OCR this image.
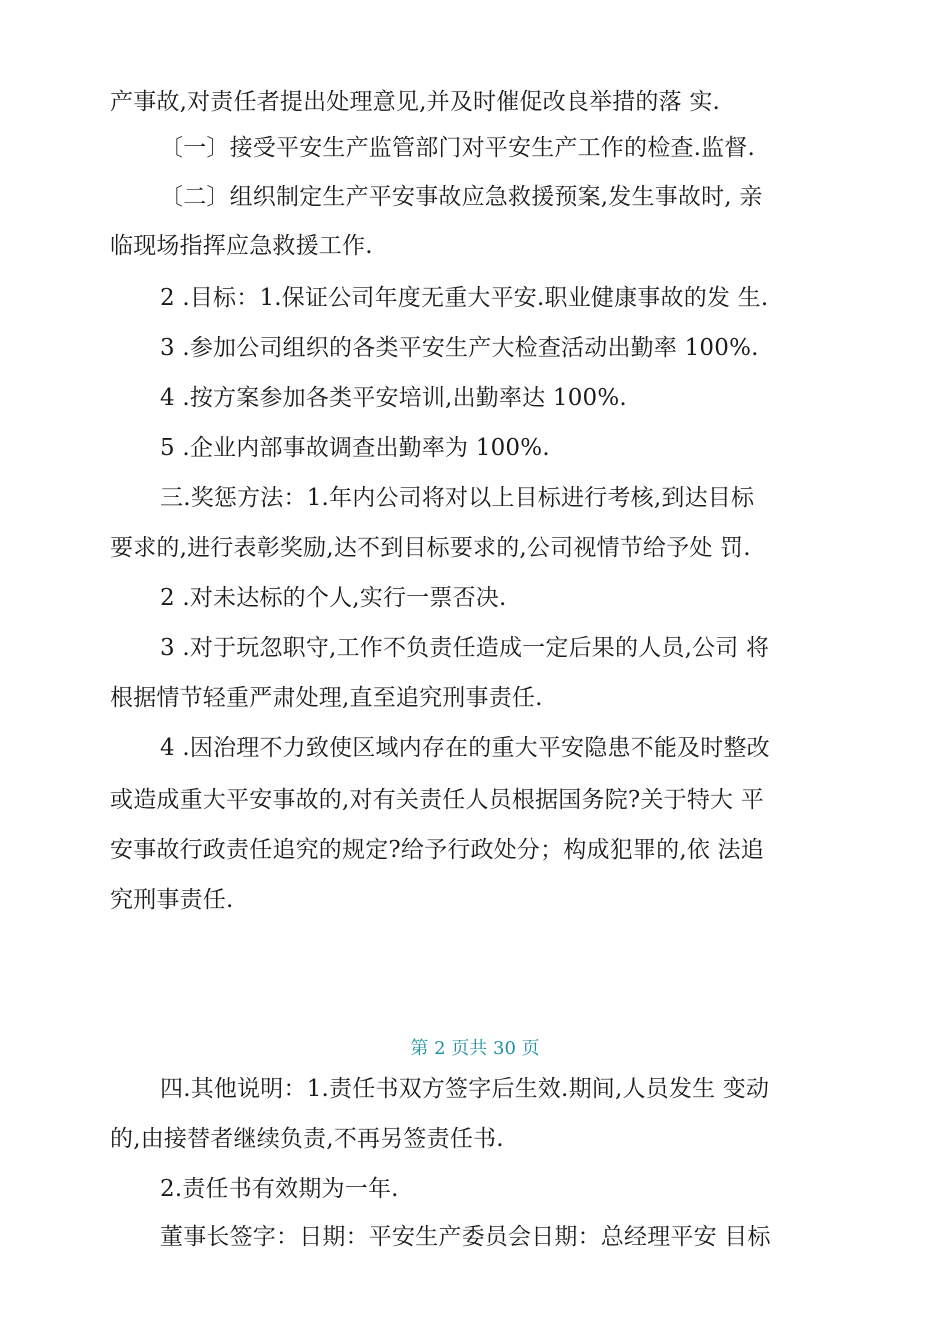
产事故,对责任者提出处理意见,并及时催促改良举措的落 实.
〔一〕接受平安生产监管部门对平安生产工作的检查.监督.
〔二〕组织制定生产平安事故应急救援预案,发生事故时, 亲
临现场指挥应急救援工作.
2 .目标：1.保证公司年度无重大平安.职业健康事故的发 生.
3 .参加公司组织的各类平安生产大检查活动出勤率 100%.
4 .按方案参加各类平安培训,出勤率达 100%.
5 .企业内部事故调查出勤率为 100%.
三.奖惩方法：1.年内公司将对以上目标进行考核,到达目标
要求的,进行表彰奖励,达不到目标要求的,公司视情节给予处 罚.
2 .对未达标的个人,实行一票否决.
3 .对于玩忽职守,工作不负责任造成一定后果的人员,公司 将
根据情节轻重严肃处理,直至追究刑事责任.
4 .因治理不力致使区域内存在的重大平安隐患不能及时整改
或造成重大平安事故的,对有关责任人员根据国务院?关于特大 平
安事故行政责任追究的规定?给予行政处分；构成犯罪的,依 法追
究刑事责任.
第 2 页共 30 页
四.其他说明：1.责任书双方签字后生效.期间,人员发生 变动
的,由接替者继续负责,不再另签责任书.
2.责任书有效期为一年.
董事长签字：日期：平安生产委员会日期：总经理平安 目标
